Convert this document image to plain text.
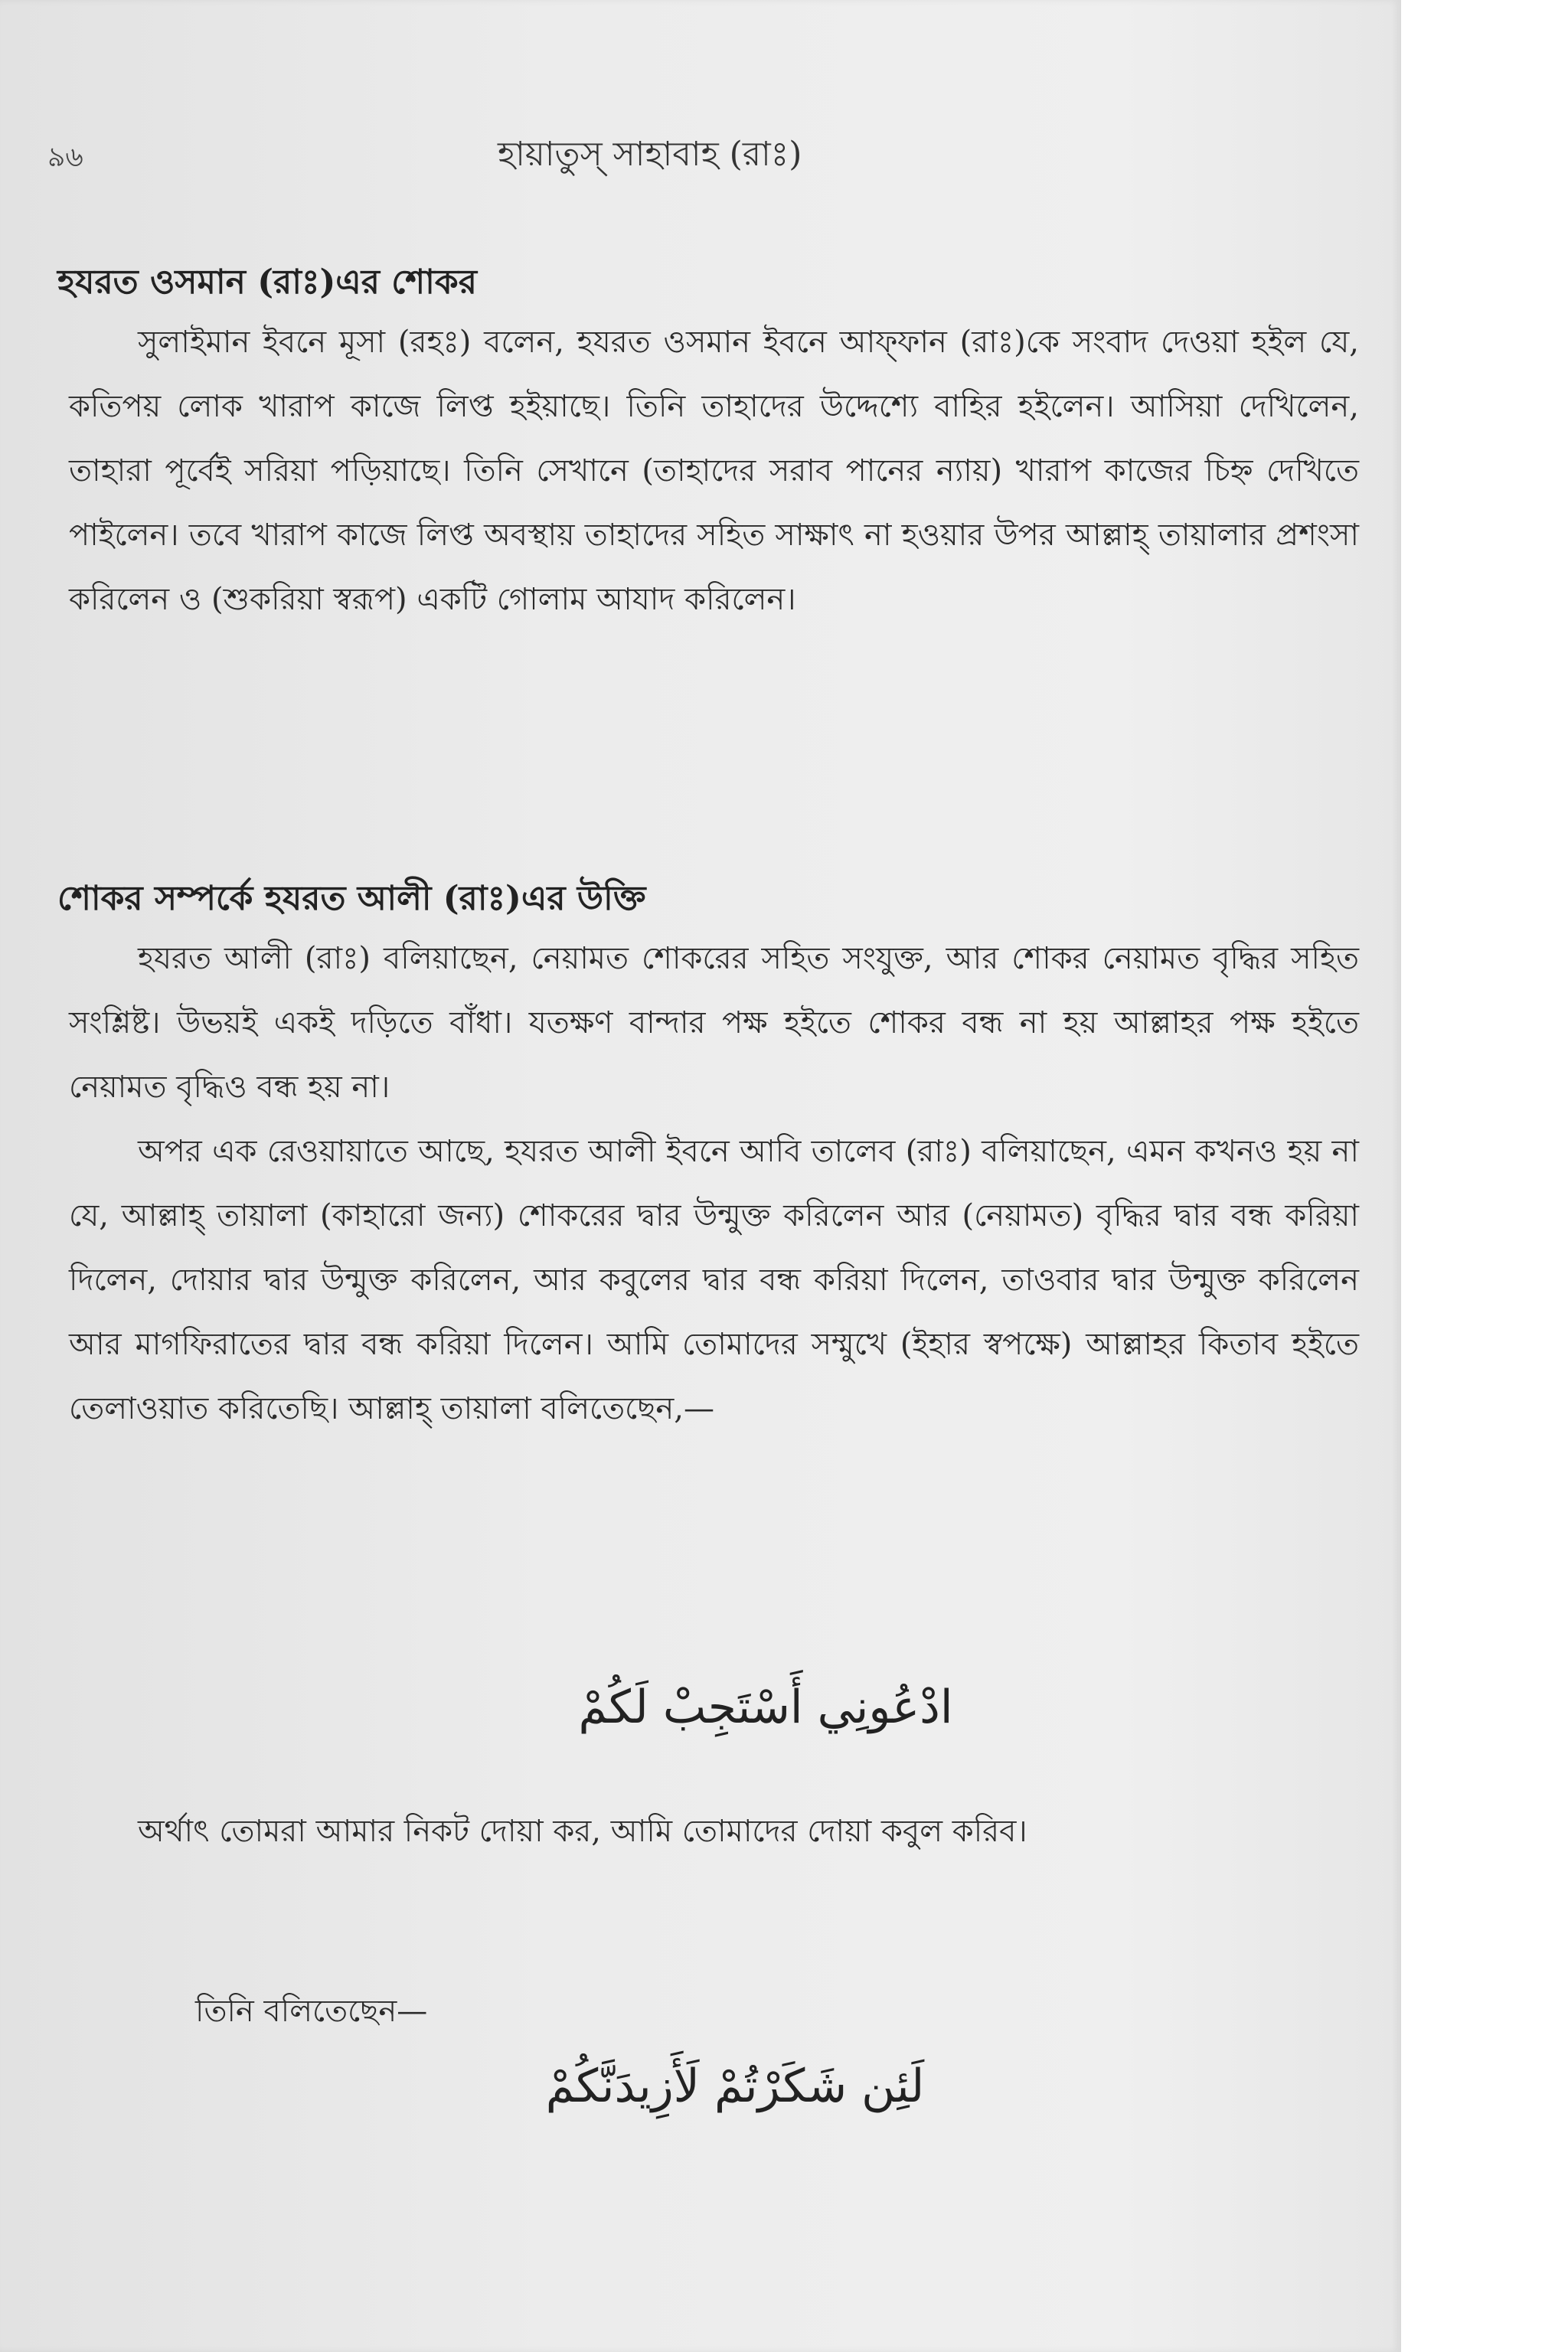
৯৬	হায়াতুস্ সাহাবাহ (রাঃ)
হযরত ওসমান (রাঃ)এর শোকর

সুলাইমান ইবনে মূসা (রহঃ) বলেন, হযরত ওসমান ইবনে আফ্ফান (রাঃ)কে সংবাদ দেওয়া হইল যে, কতিপয় লোক খারাপ কাজে লিপ্ত হইয়াছে। তিনি তাহাদের উদ্দেশ্যে বাহির হইলেন। আসিয়া দেখিলেন, তাহারা পূর্বেই সরিয়া পড়িয়াছে। তিনি সেখানে (তাহাদের সরাব পানের ন্যায়) খারাপ কাজের চিহ্ন দেখিতে পাইলেন। তবে খারাপ কাজে লিপ্ত অবস্থায় তাহাদের সহিত সাক্ষাৎ না হওয়ার উপর আল্লাহ্ তায়ালার প্রশংসা করিলেন ও (শুকরিয়া স্বরূপ) একটি গোলাম আযাদ করিলেন।

শোকর সম্পর্কে হযরত আলী (রাঃ)এর উক্তি

হযরত আলী (রাঃ) বলিয়াছেন, নেয়ামত শোকরের সহিত সংযুক্ত, আর শোকর নেয়ামত বৃদ্ধির সহিত সংশ্লিষ্ট। উভয়ই একই দড়িতে বাঁধা। যতক্ষণ বান্দার পক্ষ হইতে শোকর বন্ধ না হয় আল্লাহর পক্ষ হইতে নেয়ামত বৃদ্ধিও বন্ধ হয় না।

অপর এক রেওয়ায়াতে আছে, হযরত আলী ইবনে আবি তালেব (রাঃ) বলিয়াছেন, এমন কখনও হয় না যে, আল্লাহ্ তায়ালা (কাহারো জন্য) শোকরের দ্বার উন্মুক্ত করিলেন আর (নেয়ামত) বৃদ্ধির দ্বার বন্ধ করিয়া দিলেন, দোয়ার দ্বার উন্মুক্ত করিলেন, আর কবুলের দ্বার বন্ধ করিয়া দিলেন, তাওবার দ্বার উন্মুক্ত করিলেন আর মাগফিরাতের দ্বার বন্ধ করিয়া দিলেন। আমি তোমাদের সম্মুখে (ইহার স্বপক্ষে) আল্লাহর কিতাব হইতে তেলাওয়াত করিতেছি। আল্লাহ্ তায়ালা বলিতেছেন,—

ادْعُونِي أَسْتَجِبْ لَكُمْ

অর্থাৎ তোমরা আমার নিকট দোয়া কর, আমি তোমাদের দোয়া কবুল করিব।

তিনি বলিতেছেন—
لَئِن شَكَرْتُمْ لَأَزِيدَنَّكُمْ
